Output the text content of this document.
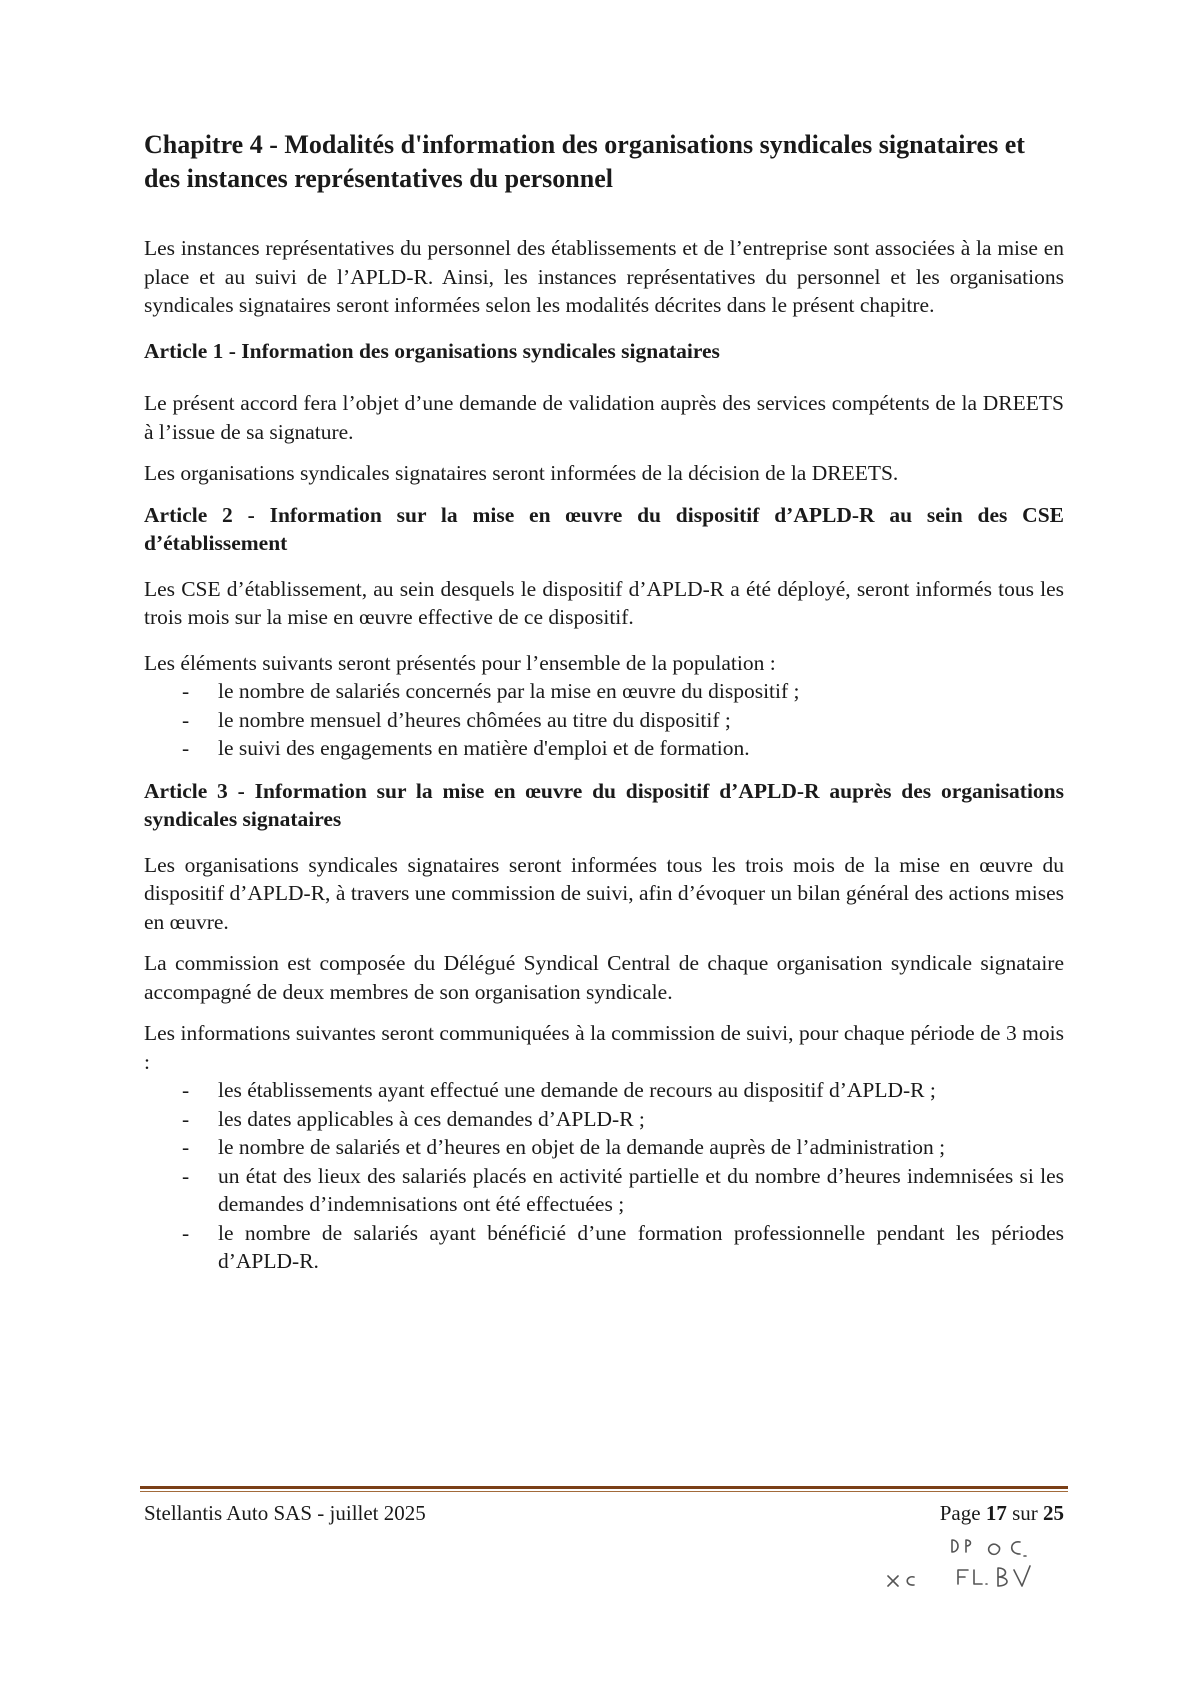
Chapitre 4 - Modalités d'information des organisations syndicales signataires et des instances représentatives du personnel

Les instances représentatives du personnel des établissements et de l’entreprise sont associées à la mise en place et au suivi de l’APLD-R. Ainsi, les instances représentatives du personnel et les organisations syndicales signataires seront informées selon les modalités décrites dans le présent chapitre.

Article 1 - Information des organisations syndicales signataires

Le présent accord fera l’objet d’une demande de validation auprès des services compétents de la DREETS à l’issue de sa signature.

Les organisations syndicales signataires seront informées de la décision de la DREETS.

Article 2 - Information sur la mise en œuvre du dispositif d’APLD-R au sein des CSE d’établissement

Les CSE d’établissement, au sein desquels le dispositif d’APLD-R a été déployé, seront informés tous les trois mois sur la mise en œuvre effective de ce dispositif.

Les éléments suivants seront présentés pour l’ensemble de la population :

- le nombre de salariés concernés par la mise en œuvre du dispositif ;
- le nombre mensuel d’heures chômées au titre du dispositif ;
- le suivi des engagements en matière d'emploi et de formation.
Article 3 - Information sur la mise en œuvre du dispositif d’APLD-R auprès des organisations syndicales signataires

Les organisations syndicales signataires seront informées tous les trois mois de la mise en œuvre du dispositif d’APLD-R, à travers une commission de suivi, afin d’évoquer un bilan général des actions mises en œuvre.

La commission est composée du Délégué Syndical Central de chaque organisation syndicale signataire accompagné de deux membres de son organisation syndicale.

Les informations suivantes seront communiquées à la commission de suivi, pour chaque période de 3 mois :

- les établissements ayant effectué une demande de recours au dispositif d’APLD-R ;
- les dates applicables à ces demandes d’APLD-R ;
- le nombre de salariés et d’heures en objet de la demande auprès de l’administration ;
- un état des lieux des salariés placés en activité partielle et du nombre d’heures indemnisées si les demandes d’indemnisations ont été effectuées ;
- le nombre de salariés ayant bénéficié d’une formation professionnelle pendant les périodes d’APLD-R.
Stellantis Auto SAS - juillet 2025	Page 17 sur 25
